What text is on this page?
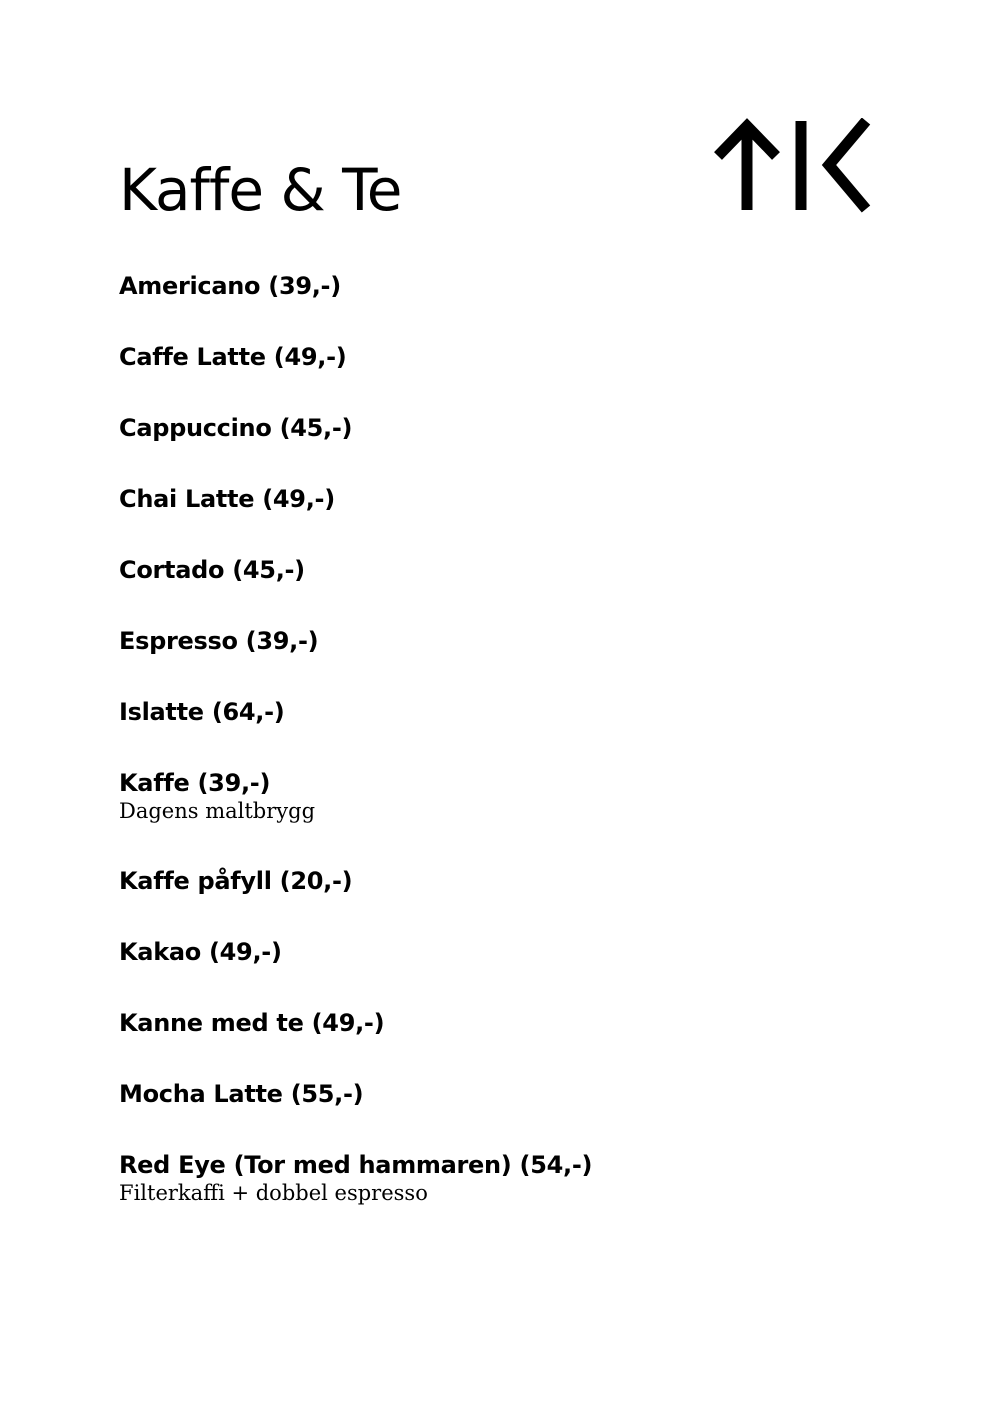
Kaffe & Te
Americano (39,-)
Caffe Latte (49,-)
Cappuccino (45,-)
Chai Latte (49,-)
Cortado (45,-)
Espresso (39,-)
Islatte (64,-)
Kaffe (39,-)
Dagens maltbrygg
Kaffe påfyll (20,-)
Kakao (49,-)
Kanne med te (49,-)
Mocha Latte (55,-)
Red Eye (Tor med hammaren) (54,-)
Filterkaffi + dobbel espresso
